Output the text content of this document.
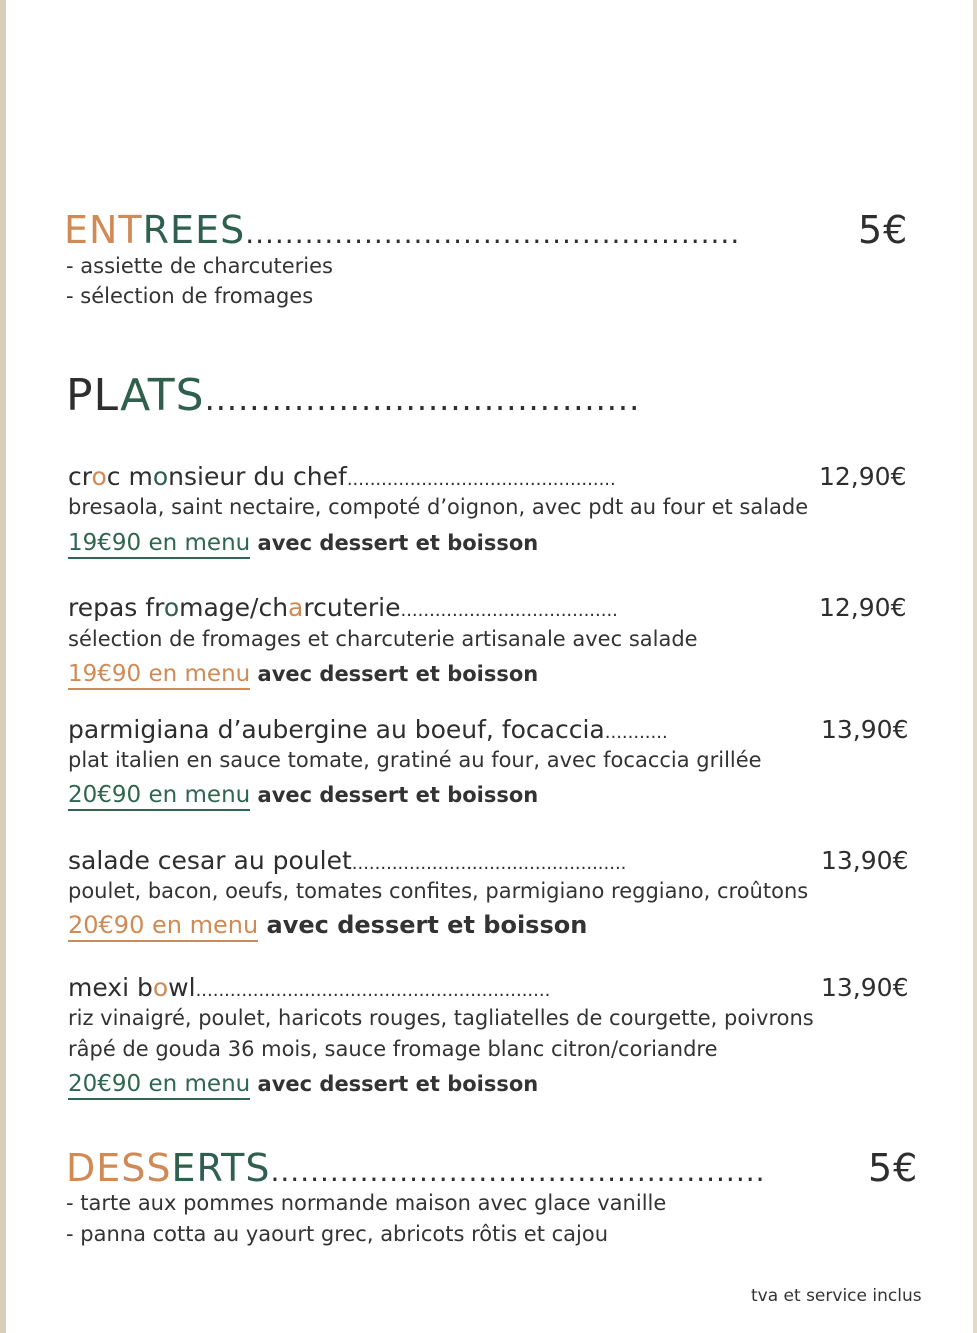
ENTREES..................................................	5€
- assiette de charcuteries
- sélection de fromages
PLATS.......................................
croc monsieur du chef...............................................	12,90€
bresaola, saint nectaire, compoté d’oignon, avec pdt au four et salade
19€90 en menu avec dessert et boisson
repas fromage/charcuterie......................................	12,90€
sélection de fromages et charcuterie artisanale avec salade
19€90 en menu avec dessert et boisson
parmigiana d’aubergine au boeuf, focaccia...........	13,90€
plat italien en sauce tomate, gratiné au four, avec focaccia grillée
20€90 en menu avec dessert et boisson
salade cesar au poulet................................................	13,90€
poulet, bacon, oeufs, tomates confites, parmigiano reggiano, croûtons
20€90 en menu avec dessert et boisson
mexi bowl..............................................................	13,90€
riz vinaigré, poulet, haricots rouges, tagliatelles de courgette, poivrons
râpé de gouda 36 mois, sauce fromage blanc citron/coriandre
20€90 en menu avec dessert et boisson
DESSERTS..................................................	5€
- tarte aux pommes normande maison avec glace vanille
- panna cotta au yaourt grec, abricots rôtis et cajou
tva et service inclus
